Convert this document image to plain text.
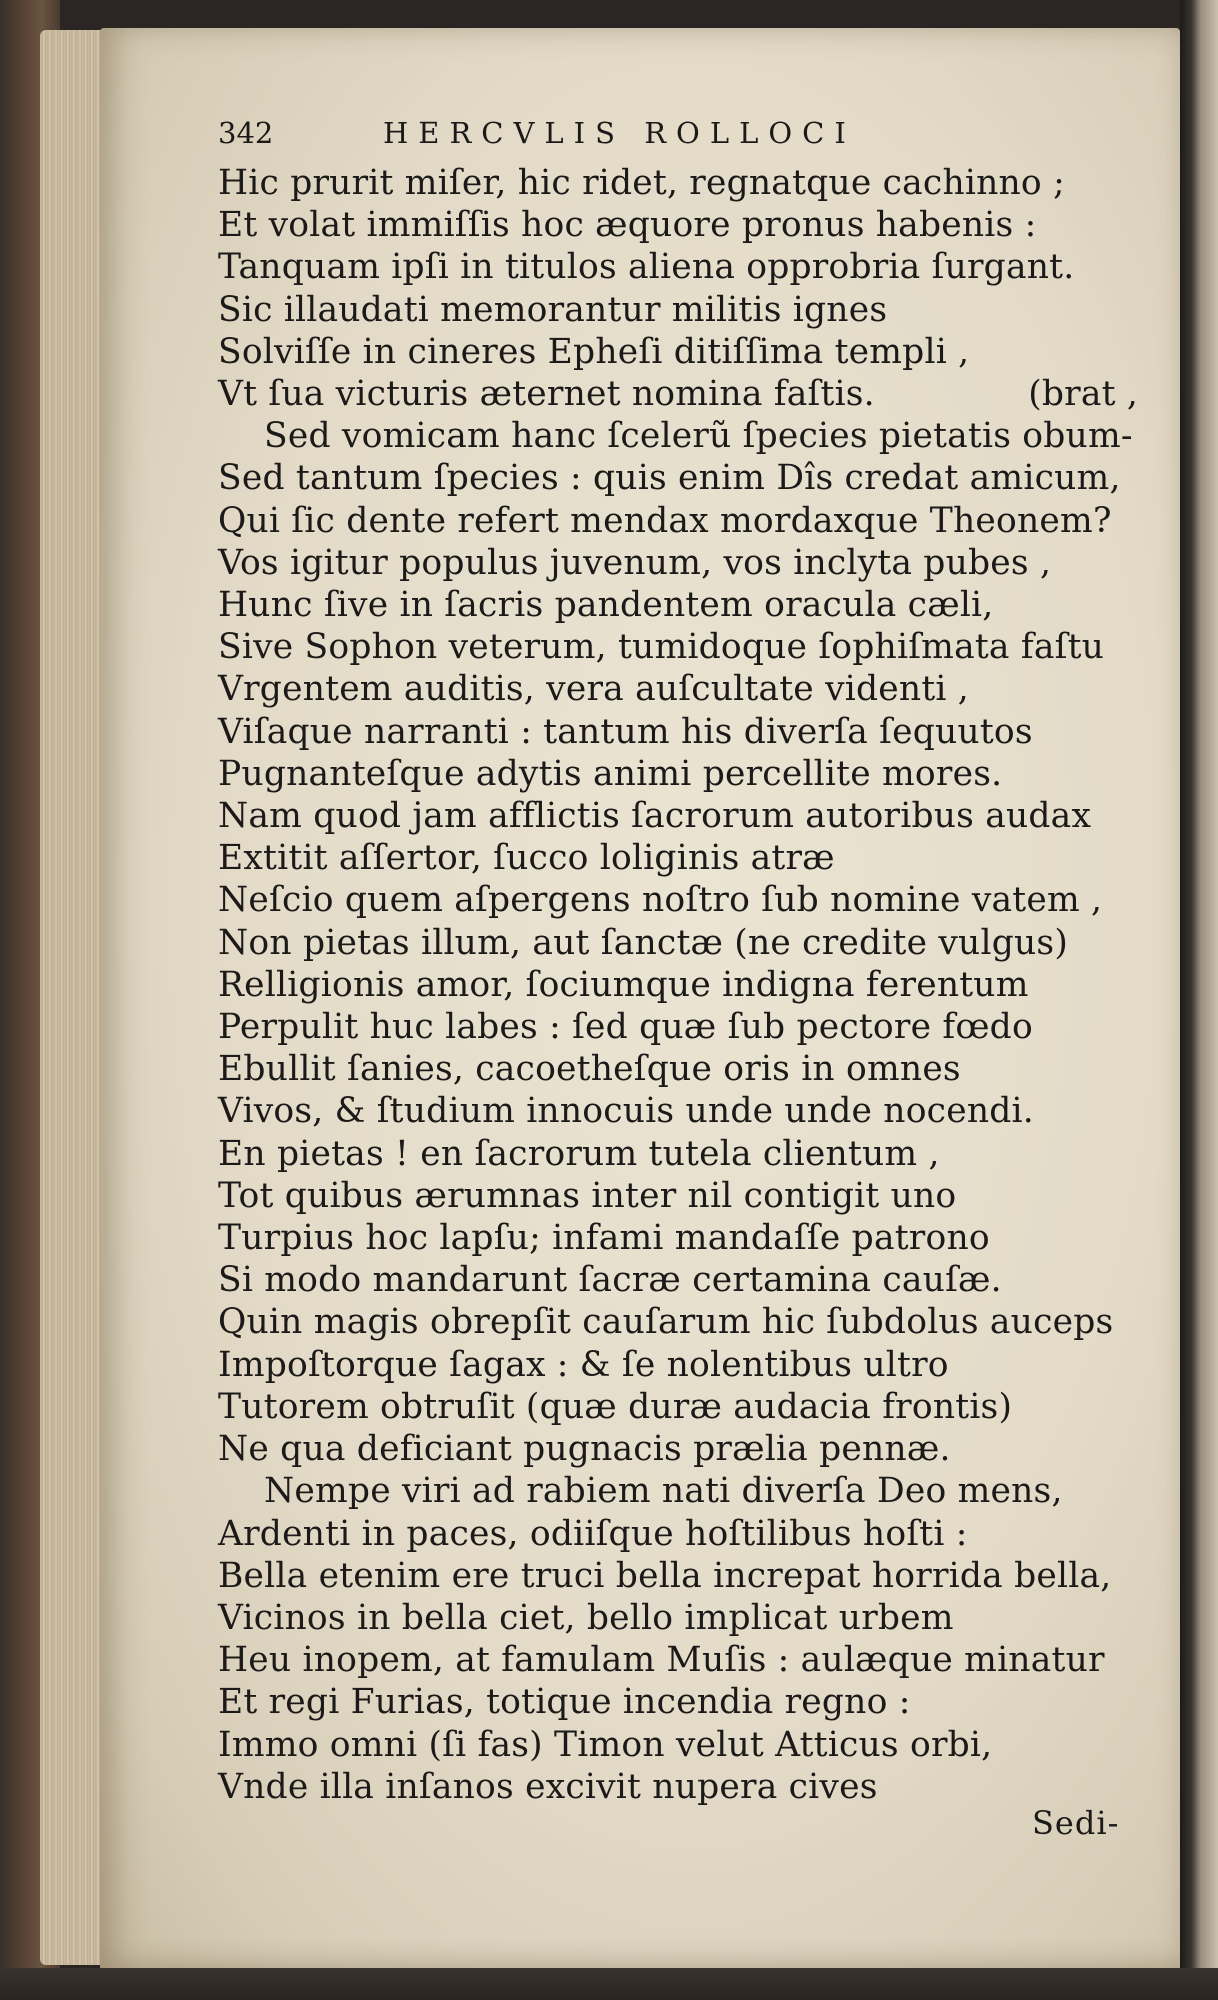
342	HERCVLIS ROLLOCI
Hic prurit miſer, hic ridet, regnatque cachinno ;
Et volat immiſſis hoc æquore pronus habenis :
Tanquam ipſi in titulos aliena opprobria ſurgant.
Sic illaudati memorantur militis ignes
Solviſſe in cineres Epheſi ditiſſima templi ,
Vt ſua victuris æternet nomina faſtis.	(brat ,
Sed vomicam hanc ſcelerũ ſpecies pietatis obum-
Sed tantum ſpecies : quis enim Dîs credat amicum,
Qui ſic dente refert mendax mordaxque Theonem?
Vos igitur populus juvenum, vos inclyta pubes ,
Hunc ſive in ſacris pandentem oracula cæli,
Sive Sophon veterum, tumidoque ſophiſmata faſtu
Vrgentem auditis, vera auſcultate videnti ,
Viſaque narranti : tantum his diverſa ſequutos
Pugnanteſque adytis animi percellite mores.
Nam quod jam afflictis ſacrorum autoribus audax
Extitit aſſertor, ſucco loliginis atræ
Neſcio quem aſpergens noſtro ſub nomine vatem ,
Non pietas illum, aut ſanctæ (ne credite vulgus)
Relligionis amor, ſociumque indigna ferentum
Perpulit huc labes : ſed quæ ſub pectore fœdo
Ebullit ſanies, cacoetheſque oris in omnes
Vivos, & ſtudium innocuis unde unde nocendi.
En pietas ! en ſacrorum tutela clientum ,
Tot quibus ærumnas inter nil contigit uno
Turpius hoc lapſu; infami mandaſſe patrono
Si modo mandarunt ſacræ certamina cauſæ.
Quin magis obrepſit cauſarum hic ſubdolus auceps
Impoſtorque ſagax : & ſe nolentibus ultro
Tutorem obtruſit (quæ duræ audacia frontis)
Ne qua deficiant pugnacis prælia pennæ.
Nempe viri ad rabiem nati diverſa Deo mens,
Ardenti in paces, odiiſque hoſtilibus hoſti :
Bella etenim ere truci bella increpat horrida bella,
Vicinos in bella ciet, bello implicat urbem
Heu inopem, at famulam Muſis : aulæque minatur
Et regi Furias, totique incendia regno :
Immo omni (ſi fas) Timon velut Atticus orbi,
Vnde illa inſanos excivit nupera cives
Sedi-
